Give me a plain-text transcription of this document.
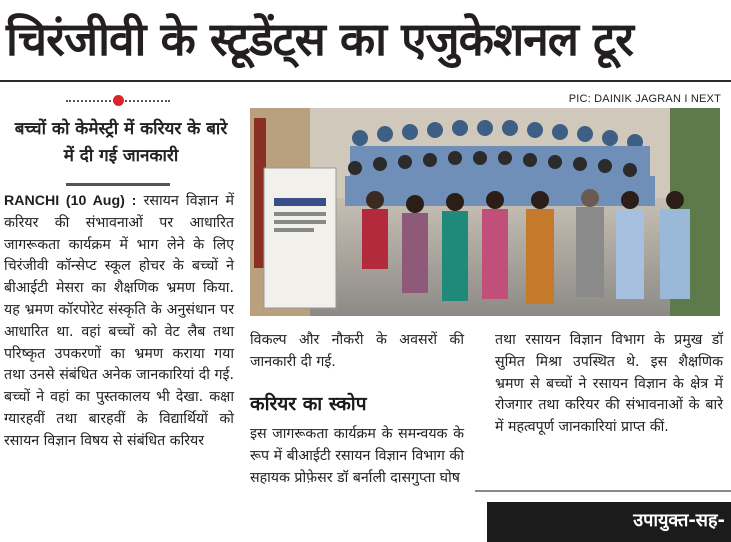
चिरंजीवी के स्टूडेंट्स का एजुकेशनल टूर
PIC: DAINIK JAGRAN I NEXT
बच्चों को केमेस्ट्री में करियर के बारे में दी गई जानकारी

RANCHI (10 Aug) : रसायन विज्ञान में करियर की संभावनाओं पर आधारित जागरूकता कार्यक्रम में भाग लेने के लिए चिरंजीवी कॉन्सेप्ट स्कूल होचर के बच्चों ने बीआईटी मेसरा का शैक्षणिक भ्रमण किया. यह भ्रमण कॉरपोरेट संस्कृति के अनुसंधान पर आधारित था. वहां बच्चों को वेट लैब तथा परिष्कृत उपकरणों का भ्रमण कराया गया तथा उनसे संबंधित अनेक जानकारियां दी गई. बच्चों ने वहां का पुस्तकालय भी देखा. कक्षा ग्यारहवीं तथा बारहवीं के विद्यार्थियों को रसायन विज्ञान विषय से संबंधित करियर

विकल्प और नौकरी के अवसरों की जानकारी दी गई.

करियर का स्कोप

इस जागरूकता कार्यक्रम के समन्वयक के रूप में बीआईटी रसायन विज्ञान विभाग की सहायक प्रोफ़ेसर डॉ बर्नाली दासगुप्ता घोष

तथा रसायन विज्ञान विभाग के प्रमुख डॉ सुमित मिश्रा उपस्थित थे. इस शैक्षणिक भ्रमण से बच्चों ने रसायन विज्ञान के क्षेत्र में रोजगार तथा करियर की संभावनाओं के बारे में महत्वपूर्ण जानकारियां प्राप्त कीं.

उपायुक्त-सह-
